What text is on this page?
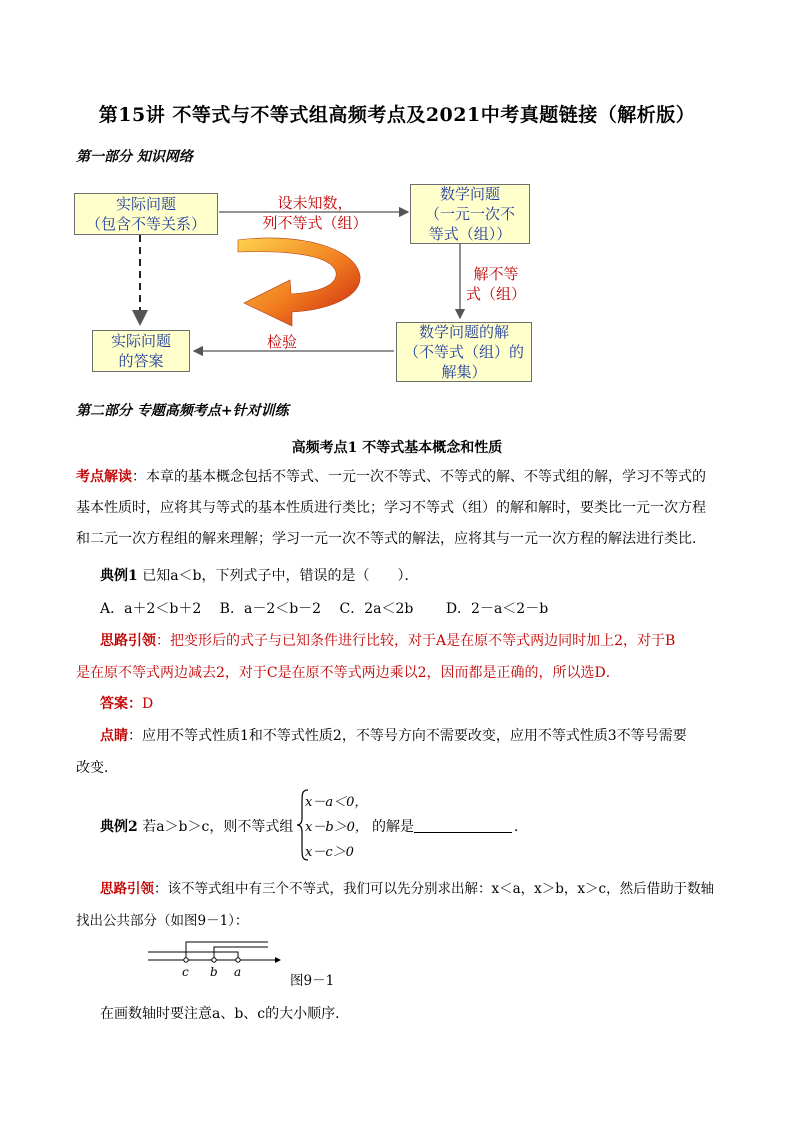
第15讲 不等式与不等式组高频考点及2021中考真题链接（解析版）
第一部分 知识网络
实际问题
（包含不等关系）
设未知数，
列不等式（组）
数学问题
（一元一次不
等式（组））
解不等
式（组）
数学问题的解
（不等式（组）的
解集）
检验
实际问题
的答案
第二部分 专题高频考点+针对训练
高频考点1 不等式基本概念和性质
考点解读：本章的基本概念包括不等式、一元一次不等式、不等式的解、不等式组的解，学习不等式的基本性质时，应将其与等式的基本性质进行类比；学习不等式（组）的解和解时，要类比一元一次方程和二元一次方程组的解来理解；学习一元一次不等式的解法，应将其与一元一次方程的解法进行类比．
典例1 已知a＜b，下列式子中，错误的是（　　）．
A．a＋2＜b＋2　 B．a－2＜b－2　 C．2a＜2b　　 D．2－a＜2－b
思路引领：把变形后的式子与已知条件进行比较，对于A是在原不等式两边同时加上2，对于B
是在原不等式两边减去2，对于C是在原不等式两边乘以2，因而都是正确的，所以选D．
答案：D
点睛：应用不等式性质1和不等式性质2，不等号方向不需要改变，应用不等式性质3不等号需要
改变．
典例2 若a＞b＞c，则不等式组
x－a＜0，
x－b＞0，
x－c＞0
的解是	．
思路引领：该不等式组中有三个不等式，我们可以先分别求出解：x＜a，x＞b，x＞c，然后借助于数轴
找出公共部分（如图9－1）：
c b a
图9－1
在画数轴时要注意a、b、c的大小顺序．
